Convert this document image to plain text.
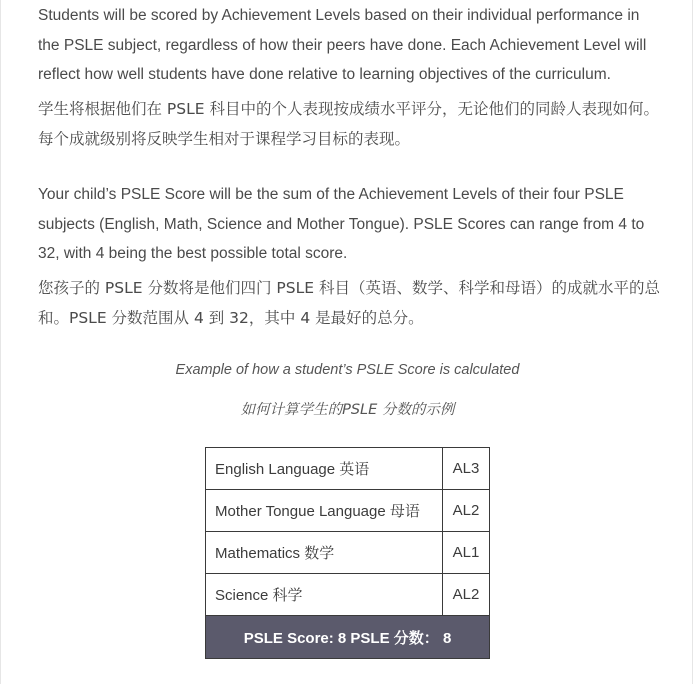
Students will be scored by Achievement Levels based on their individual performance in the PSLE subject, regardless of how their peers have done. Each Achievement Level will reflect how well students have done relative to learning objectives of the curriculum.

学生将根据他们在 PSLE 科目中的个人表现按成绩水平评分，无论他们的同龄人表现如何。每个成就级别将反映学生相对于课程学习目标的表现。

Your child’s PSLE Score will be the sum of the Achievement Levels of their four PSLE subjects (English, Math, Science and Mother Tongue). PSLE Scores can range from 4 to 32, with 4 being the best possible total score.

您孩子的 PSLE 分数将是他们四门 PSLE 科目（英语、数学、科学和母语）的成就水平的总和。PSLE 分数范围从 4 到 32，其中 4 是最好的总分。

Example of how a student’s PSLE Score is calculated

如何计算学生的PSLE 分数的示例

English Language 英语	AL3
Mother Tongue Language 母语	AL2
Mathematics 数学	AL1
Science 科学	AL2
PSLE Score: 8 PSLE 分数： 8	
